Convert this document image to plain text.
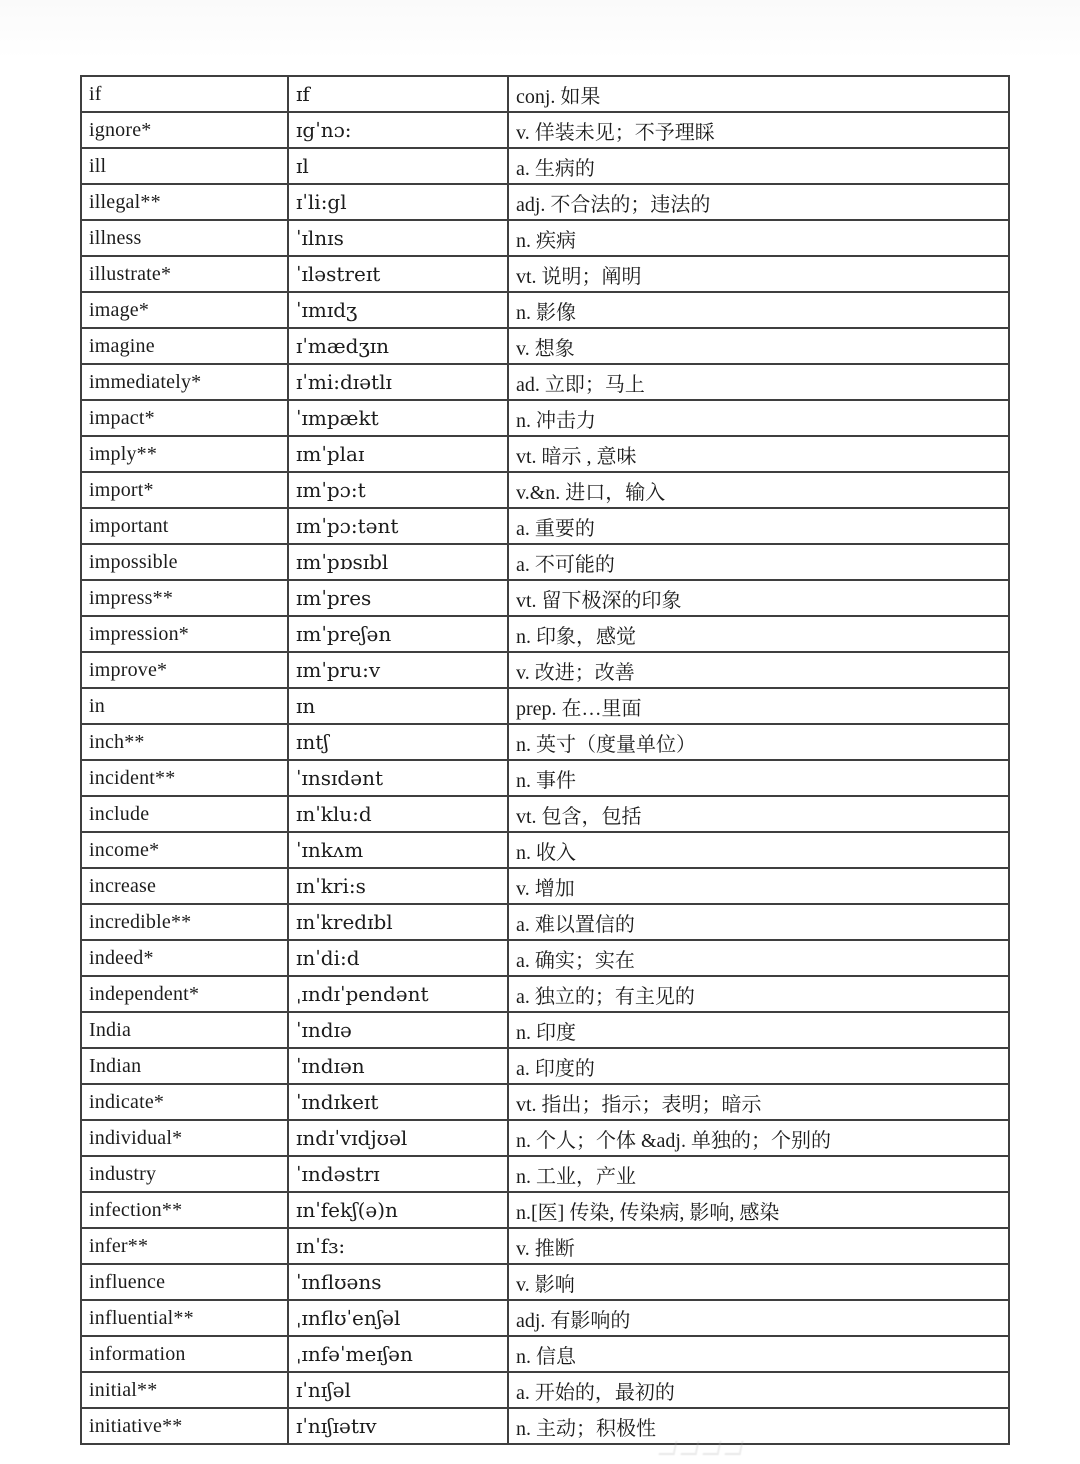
if	ɪf	conj. 如果
ignore*	ɪgˈnɔ:	v. 佯装未见；不予理睬
ill	ɪl	a. 生病的
illegal**	ɪˈli:gl	adj. 不合法的；违法的
illness	ˈɪlnɪs	n. 疾病
illustrate*	ˈɪləstreɪt	vt. 说明；阐明
image*	ˈɪmɪdʒ	n. 影像
imagine	ɪˈmædʒɪn	v. 想象
immediately*	ɪˈmi:dɪətlɪ	ad. 立即；马上
impact*	ˈɪmpækt	n. 冲击力
imply**	ɪmˈplaɪ	vt. 暗示 , 意味
import*	ɪmˈpɔ:t	v.&n. 进口，输入
important	ɪmˈpɔ:tənt	a. 重要的
impossible	ɪmˈpɒsɪbl	a. 不可能的
impress**	ɪmˈpres	vt. 留下极深的印象
impression*	ɪmˈpreʃən	n. 印象，感觉
improve*	ɪmˈpru:v	v. 改进；改善
in	ɪn	prep. 在…里面
inch**	ɪntʃ	n. 英寸（度量单位）
incident**	ˈɪnsɪdənt	n. 事件
include	ɪnˈklu:d	vt. 包含，包括
income*	ˈɪnkʌm	n. 收入
increase	ɪnˈkri:s	v. 增加
incredible**	ɪnˈkredɪbl	a. 难以置信的
indeed*	ɪnˈdi:d	a. 确实；实在
independent*	ˌɪndɪˈpendənt	a. 独立的；有主见的
India	ˈɪndɪə	n. 印度
Indian	ˈɪndɪən	a. 印度的
indicate*	ˈɪndɪkeɪt	vt. 指出；指示；表明；暗示
individual*	ɪndɪˈvɪdjʊəl	n. 个人；个体 &adj. 单独的；个别的
industry	ˈɪndəstrɪ	n. 工业，产业
infection**	ɪnˈfekʃ(ə)n	n.[医] 传染, 传染病, 影响, 感染
infer**	ɪnˈfɜ:	v. 推断
influence	ˈɪnflʊəns	v. 影响
influential**	ˌɪnflʊˈenʃəl	adj. 有影响的
information	ˌɪnfəˈmeɪʃən	n. 信息
initial**	ɪˈnɪʃəl	a. 开始的，最初的
initiative**	ɪˈnɪʃɪətɪv	n. 主动；积极性
